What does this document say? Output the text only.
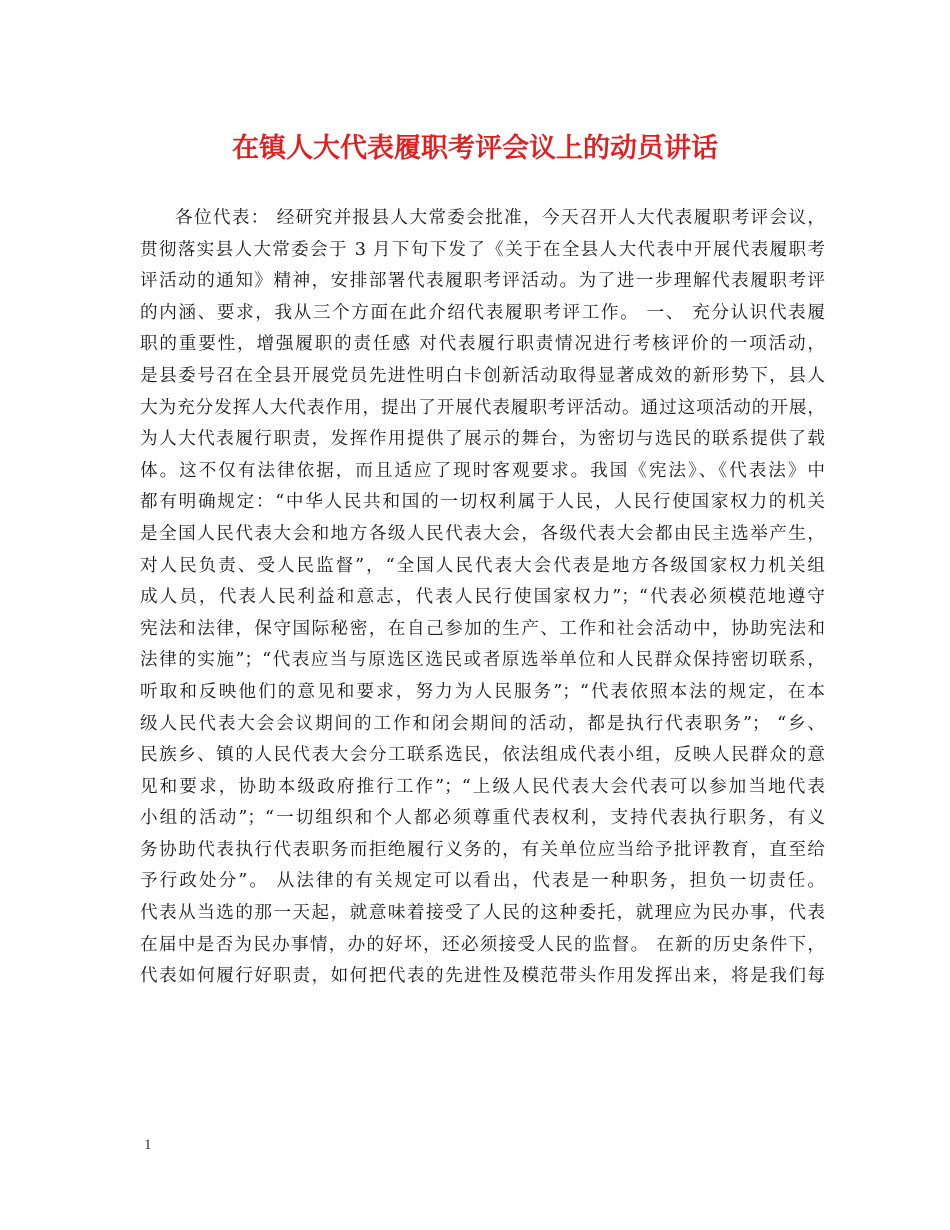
在镇人大代表履职考评会议上的动员讲话
各位代表： 经研究并报县人大常委会批准，今天召开人大代表履职考评会议，
贯彻落实县人大常委会于 3 月下旬下发了《关于在全县人大代表中开展代表履职考
评活动的通知》精神，安排部署代表履职考评活动。为了进一步理解代表履职考评
的内涵、要求，我从三个方面在此介绍代表履职考评工作。 一、 充分认识代表履
职的重要性，增强履职的责任感 对代表履行职责情况进行考核评价的一项活动，
是县委号召在全县开展党员先进性明白卡创新活动取得显著成效的新形势下，县人
大为充分发挥人大代表作用，提出了开展代表履职考评活动。通过这项活动的开展，
为人大代表履行职责，发挥作用提供了展示的舞台，为密切与选民的联系提供了载
体。这不仅有法律依据，而且适应了现时客观要求。我国《宪法》、《代表法》中
都有明确规定：“中华人民共和国的一切权利属于人民，人民行使国家权力的机关
是全国人民代表大会和地方各级人民代表大会，各级代表大会都由民主选举产生，
对人民负责、受人民监督”，“全国人民代表大会代表是地方各级国家权力机关组
成人员，代表人民利益和意志，代表人民行使国家权力”；“代表必须模范地遵守
宪法和法律，保守国际秘密，在自己参加的生产、工作和社会活动中，协助宪法和
法律的实施”；“代表应当与原选区选民或者原选举单位和人民群众保持密切联系，
听取和反映他们的意见和要求，努力为人民服务”；“代表依照本法的规定，在本
级人民代表大会会议期间的工作和闭会期间的活动，都是执行代表职务”； “乡、
民族乡、镇的人民代表大会分工联系选民，依法组成代表小组，反映人民群众的意
见和要求，协助本级政府推行工作”；“上级人民代表大会代表可以参加当地代表
小组的活动”；“一切组织和个人都必须尊重代表权利，支持代表执行职务，有义
务协助代表执行代表职务而拒绝履行义务的，有关单位应当给予批评教育，直至给
予行政处分”。 从法律的有关规定可以看出，代表是一种职务，担负一切责任。
代表从当选的那一天起，就意味着接受了人民的这种委托，就理应为民办事，代表
在届中是否为民办事情，办的好坏，还必须接受人民的监督。 在新的历史条件下，
代表如何履行好职责，如何把代表的先进性及模范带头作用发挥出来，将是我们每
1
